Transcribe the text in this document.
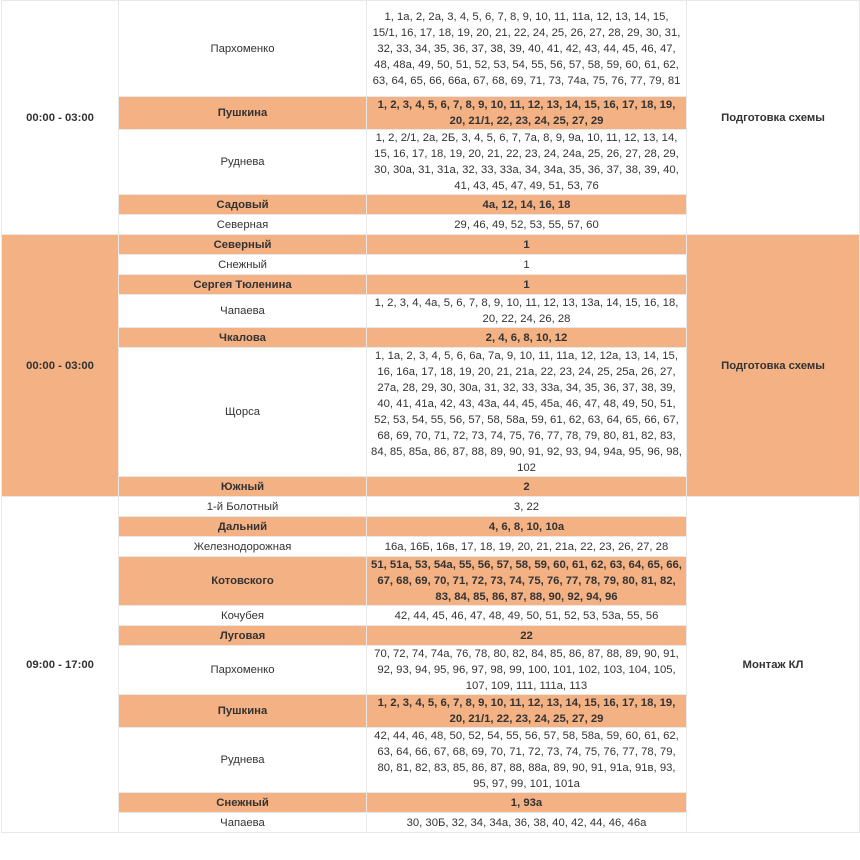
00:00 - 03:00	Пархоменко	1, 1а, 2, 2а, 3, 4, 5, 6, 7, 8, 9, 10, 11, 11а, 12, 13, 14, 15, 15/1, 16, 17, 18, 19, 20, 21, 22, 24, 25, 26, 27, 28, 29, 30, 31, 32, 33, 34, 35, 36, 37, 38, 39, 40, 41, 42, 43, 44, 45, 46, 47, 48, 48а, 49, 50, 51, 52, 53, 54, 55, 56, 57, 58, 59, 60, 61, 62, 63, 64, 65, 66, 66а, 67, 68, 69, 71, 73, 74а, 75, 76, 77, 79, 81	Подготовка схемы
	Пушкина	1, 2, 3, 4, 5, 6, 7, 8, 9, 10, 11, 12, 13, 14, 15, 16, 17, 18, 19, 20, 21/1, 22, 23, 24, 25, 27, 29	
	Руднева	1, 2, 2/1, 2а, 2Б, 3, 4, 5, 6, 7, 7а, 8, 9, 9а, 10, 11, 12, 13, 14, 15, 16, 17, 18, 19, 20, 21, 22, 23, 24, 24а, 25, 26, 27, 28, 29, 30, 30а, 31, 31а, 32, 33, 33а, 34, 34а, 35, 36, 37, 38, 39, 40, 41, 43, 45, 47, 49, 51, 53, 76	
	Садовый	4а, 12, 14, 16, 18	
	Северная	29, 46, 49, 52, 53, 55, 57, 60	
00:00 - 03:00	Северный	1	Подготовка схемы
	Снежный	1	
	Сергея Тюленина	1	
	Чапаева	1, 2, 3, 4, 4а, 5, 6, 7, 8, 9, 10, 11, 12, 13, 13а, 14, 15, 16, 18, 20, 22, 24, 26, 28	
	Чкалова	2, 4, 6, 8, 10, 12	
	Щорса	1, 1а, 2, 3, 4, 5, 6, 6а, 7а, 9, 10, 11, 11а, 12, 12а, 13, 14, 15, 16, 16а, 17, 18, 19, 20, 21, 21а, 22, 23, 24, 25, 25а, 26, 27, 27а, 28, 29, 30, 30а, 31, 32, 33, 33а, 34, 35, 36, 37, 38, 39, 40, 41, 41а, 42, 43, 43а, 44, 45, 45а, 46, 47, 48, 49, 50, 51, 52, 53, 54, 55, 56, 57, 58, 58а, 59, 61, 62, 63, 64, 65, 66, 67, 68, 69, 70, 71, 72, 73, 74, 75, 76, 77, 78, 79, 80, 81, 82, 83, 84, 85, 85а, 86, 87, 88, 89, 90, 91, 92, 93, 94, 94а, 95, 96, 98, 102	
	Южный	2	
09:00 - 17:00	1-й Болотный	3, 22	Монтаж КЛ
	Дальний	4, 6, 8, 10, 10а	
	Железнодорожная	16а, 16Б, 16в, 17, 18, 19, 20, 21, 21а, 22, 23, 26, 27, 28	
	Котовского	51, 51а, 53, 54а, 55, 56, 57, 58, 59, 60, 61, 62, 63, 64, 65, 66, 67, 68, 69, 70, 71, 72, 73, 74, 75, 76, 77, 78, 79, 80, 81, 82, 83, 84, 85, 86, 87, 88, 90, 92, 94, 96	
	Кочубея	42, 44, 45, 46, 47, 48, 49, 50, 51, 52, 53, 53а, 55, 56	
	Луговая	22	
	Пархоменко	70, 72, 74, 74а, 76, 78, 80, 82, 84, 85, 86, 87, 88, 89, 90, 91, 92, 93, 94, 95, 96, 97, 98, 99, 100, 101, 102, 103, 104, 105, 107, 109, 111, 111а, 113	
	Пушкина	1, 2, 3, 4, 5, 6, 7, 8, 9, 10, 11, 12, 13, 14, 15, 16, 17, 18, 19, 20, 21/1, 22, 23, 24, 25, 27, 29	
	Руднева	42, 44, 46, 48, 50, 52, 54, 55, 56, 57, 58, 58а, 59, 60, 61, 62, 63, 64, 66, 67, 68, 69, 70, 71, 72, 73, 74, 75, 76, 77, 78, 79, 80, 81, 82, 83, 85, 86, 87, 88, 88а, 89, 90, 91, 91а, 91в, 93, 95, 97, 99, 101, 101а	
	Снежный	1, 93а	
	Чапаева	30, 30Б, 32, 34, 34а, 36, 38, 40, 42, 44, 46, 46а	
